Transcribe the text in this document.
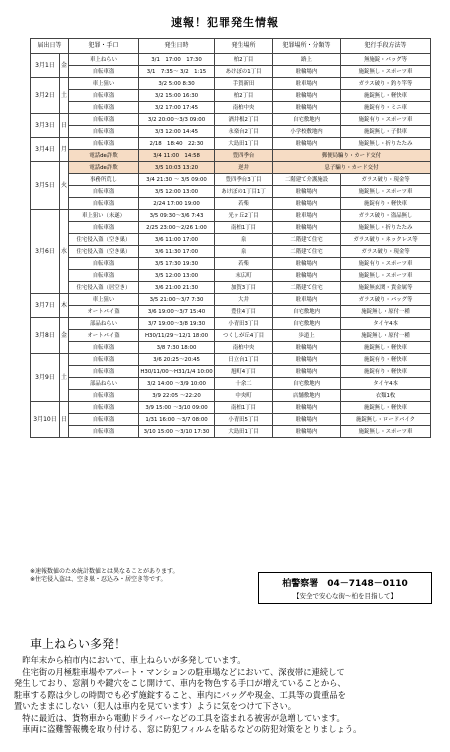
速報！犯罪発生情報
届出日等		犯罪・手口	発生日時	発生場所	犯罪場所・分類等	犯行手段方法等
3月1日	金	車上ねらい	3/1　17:00　17:30	柏2丁目	路上	無施錠・バッグ等
		自転車盗	3/1　7:35～ 3/2　1:15	あけぼの1丁目	駐輪場内	施錠無し・スポーツ車
3月2日	土	車上狙い	3/2 5:00 8:30	手賀新田	駐車場内	ガラス破り・釣り竿等
		自転車盗	3/2 15:00 16:30	柏2丁目	駐輪場内	施錠無し・軽快車
		自転車盗	3/2 17:00 17:45	南柏中央	駐輪場内	施錠有り・ミニ車
3月3日	日	自転車盗	3/2 20:00～3/3 09:00	酒井根2丁目	自宅敷地内	施錠有り・スポーツ車
		自転車盗	3/3 12:00 14:45	永楽台2丁目	小学校敷地内	施錠無し・子供車
3月4日	月	自転車盗	2/18　18:40　22:30	大島田1丁目	駐輪場内	施錠無し・折りたたみ
		電話de詐欺	3/4 11:00　14:58	豊四季台	郵便局騙り・カード交付	
3月5日	火	電話de詐欺	3/5 10:03 13:20	逆井	息子騙り・カード交付	
		事務所荒し	3/4 21:30 ～ 3/5 09:00	豊四季台3丁目	二階建て介護施設	ガラス破り・現金等
		自転車盗	3/5 12:00 13:00	あけぼの1丁目1丁	駐輪場内	施錠無し・スポーツ車
		自転車盗	2/24 17:00 19:00	若柴	駐輪場内	施錠有り・軽快車
3月6日	水	車上狙い（未遂）	3/5 09:30～3/6 7:43	光ヶ丘2丁目	駐車場内	ガラス破り・盗品無し
		自転車盗	2/25 23:00～2/26 1:00	南柏1丁目	駐輪場内	施錠無し・折りたたみ
		住宅侵入盗（空き巣）	3/6 11:00 17:00	泉	二階建て住宅	ガラス破り・ネックレス等
		住宅侵入盗（空き巣）	3/6 11:30 17:00	泉	二階建て住宅	ガラス破り・現金等
		自転車盗	3/5 17:30 19:30	若柴	駐輪場内	施錠有り・スポーツ車
		自転車盗	3/5 12:00 13:00	末広町	駐輪場内	施錠無し・スポーツ車
		住宅侵入盗（居空き）	3/6 21:00 21:30	加賀3丁目	二階建て住宅	施錠無玄関・貴金属等
3月7日	木	車上狙い	3/5 21:00～3/7 7:30	大井	駐車場内	ガラス破り・バッグ等
		オートバイ盗	3/6 19:00～3/7 15:40	豊住4丁目	自宅敷地内	施錠無し・原付一種
3月8日	金	部品ねらい	3/7 19:00～3/8 19:30	小青田3丁目	自宅敷地内	タイヤ4本
		オートバイ盗	H30/11/29～12/1 18:00	つくしが丘4丁目	歩道上	施錠無し・原付一種
		自転車盗	3/8 7:30 18:00	南柏中央	駐輪場内	施錠無し・軽快車
3月9日	土	自転車盗	3/6 20:25～20:45	日立台1丁目	駐輪場内	施錠有り・軽快車
		自転車盗	H30/11/00～H31/1/4 10:00	旭町4丁目	駐輪場内	施錠有り・軽快車
		部品ねらい	3/2 14:00 ～3/9 10:00	十余二	自宅敷地内	タイヤ4本
		自転車盗	3/9 22:05 ～22:20	中央町	店舗敷地内	衣類1枚
3月10日	日	自転車盗	3/9 15:00 ～3/10 09:00	南柏1丁目	駐輪場内	施錠無し・軽快車
		自転車盗	1/31 16:00 ～3/7 08:00	小青田5丁目	駐輪場内	施錠無し・ロードバイク
		自転車盗	3/10 15:00 ～3/10 17:30	大島田1丁目	駐輪場内	施錠無し・スポーツ車
※速報数値のため統計数値とは異なることがあります。
※住宅侵入盗は、空き巣・忍込み・居空き等です。	柏警察署　04－7148－0110
【安全で安心な街～柏を目指して】
車上ねらい多発！
　昨年末から柏市内において、車上ねらいが多発しています。
　住宅街の月極駐車場やアパート・マンションの駐車場などにおいて、深夜帯に連続して
発生しており、窓割りや鍵穴をこじ開けて、車内を物色する手口が増えていることから、
駐車する際は少しの時間でも必ず施錠すること、車内にバッグや現金、工具等の貴重品を
置いたままにしない（犯人は車内を見ています）ように気をつけて下さい。
　特に最近は、貨物車から電動ドライバーなどの工具を盗まれる被害が急増しています。
　車両に盗難警報機を取り付ける、窓に防犯フィルムを貼るなどの防犯対策をとりましょう。
